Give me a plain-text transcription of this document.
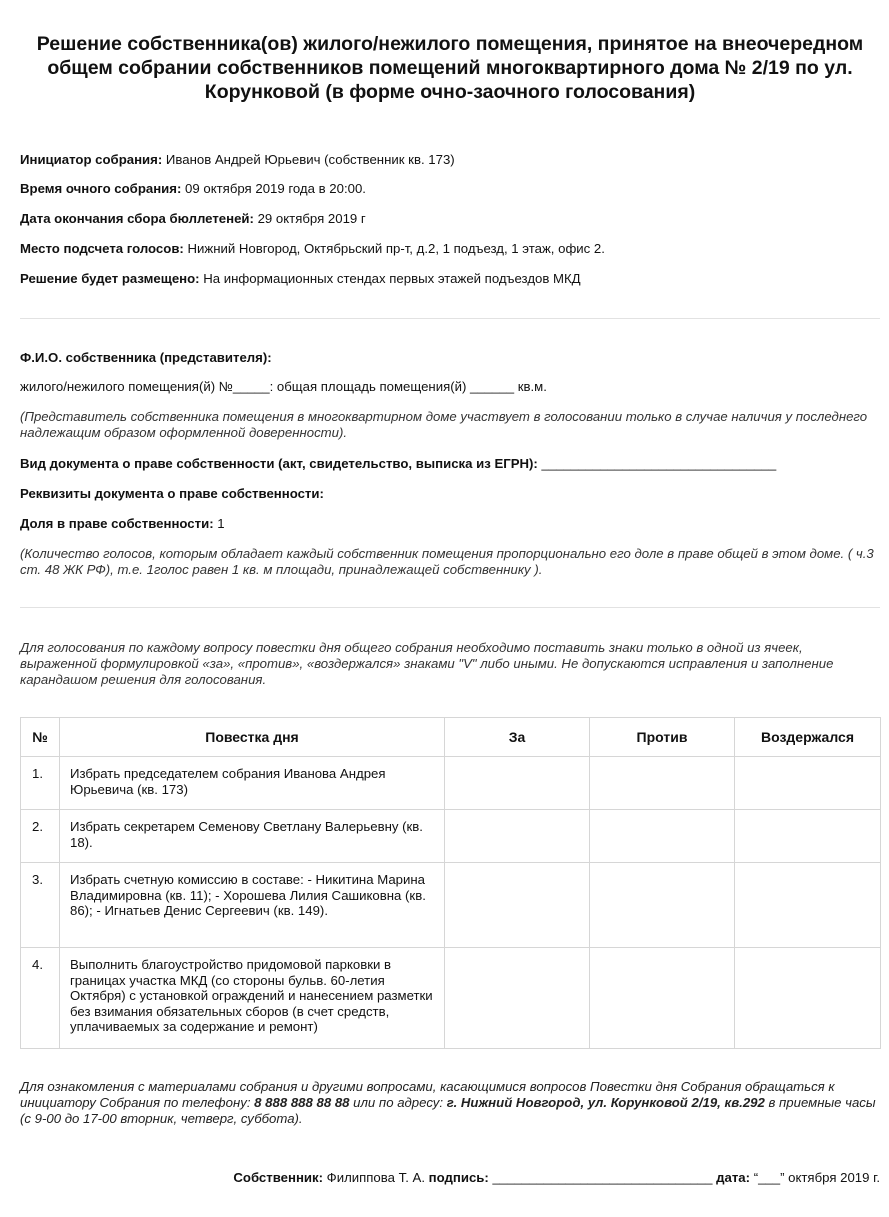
Решение собственника(ов) жилого/нежилого помещения, принятое на внеочередном общем собрании собственников помещений многоквартирного дома № 2/19 по ул. Корунковой (в форме очно-заочного голосования)
Инициатор собрания: Иванов Андрей Юрьевич (собственник кв. 173)
Время очного собрания: 09 октября 2019 года в 20:00.
Дата окончания сбора бюллетеней: 29 октября 2019 г
Место подсчета голосов: Нижний Новгород, Октябрьский пр-т, д.2, 1 подъезд, 1 этаж, офис 2.
Решение будет размещено: На информационных стендах первых этажей подъездов МКД
Ф.И.О. собственника (представителя):
жилого/нежилого помещения(й) №_____: общая площадь помещения(й) ______ кв.м.
(Представитель собственника помещения в многоквартирном доме участвует в голосовании только в случае наличия у последнего надлежащим образом оформленной доверенности).
Вид документа о праве собственности (акт, свидетельство, выписка из ЕГРН): ________________________________
Реквизиты документа о праве собственности:
Доля в праве собственности: 1
(Количество голосов, которым обладает каждый собственник помещения пропорционально его доле в праве общей в этом доме. ( ч.3 ст. 48 ЖК РФ), т.е. 1голос равен 1 кв. м площади, принадлежащей собственнику ).
Для голосования по каждому вопросу повестки дня общего собрания необходимо поставить знаки только в одной из ячеек, выраженной формулировкой «за», «против», «воздержался» знаками "V" либо иными. Не допускаются исправления и заполнение карандашом решения для голосования.
№	Повестка дня	За	Против	Воздержался
1.	Избрать председателем собрания Иванова Андрея Юрьевича (кв. 173)			
2.	Избрать секретарем Семенову Светлану Валерьевну (кв. 18).			
3.	Избрать счетную комиссию в составе: - Никитина Марина Владимировна (кв. 11); - Хорошева Лилия Сашиковна (кв. 86); - Игнатьев Денис Сергеевич (кв. 149).			
4.	Выполнить благоустройство придомовой парковки в границах участка МКД (со стороны бульв. 60-летия Октября) с установкой ограждений и нанесением разметки без взимания обязательных сборов (в счет средств, уплачиваемых за содержание и ремонт)			
Для ознакомления с материалами собрания и другими вопросами, касающимися вопросов Повестки дня Собрания обращаться к инициатору Собрания по телефону: 8 888 888 88 88 или по адресу: г. Нижний Новгород, ул. Корунковой 2/19, кв.292 в приемные часы (с 9-00 до 17-00 вторник, четверг, суббота).
Собственник: Филиппова Т. А. подпись: ______________________________ дата: “___” октября 2019 г.
